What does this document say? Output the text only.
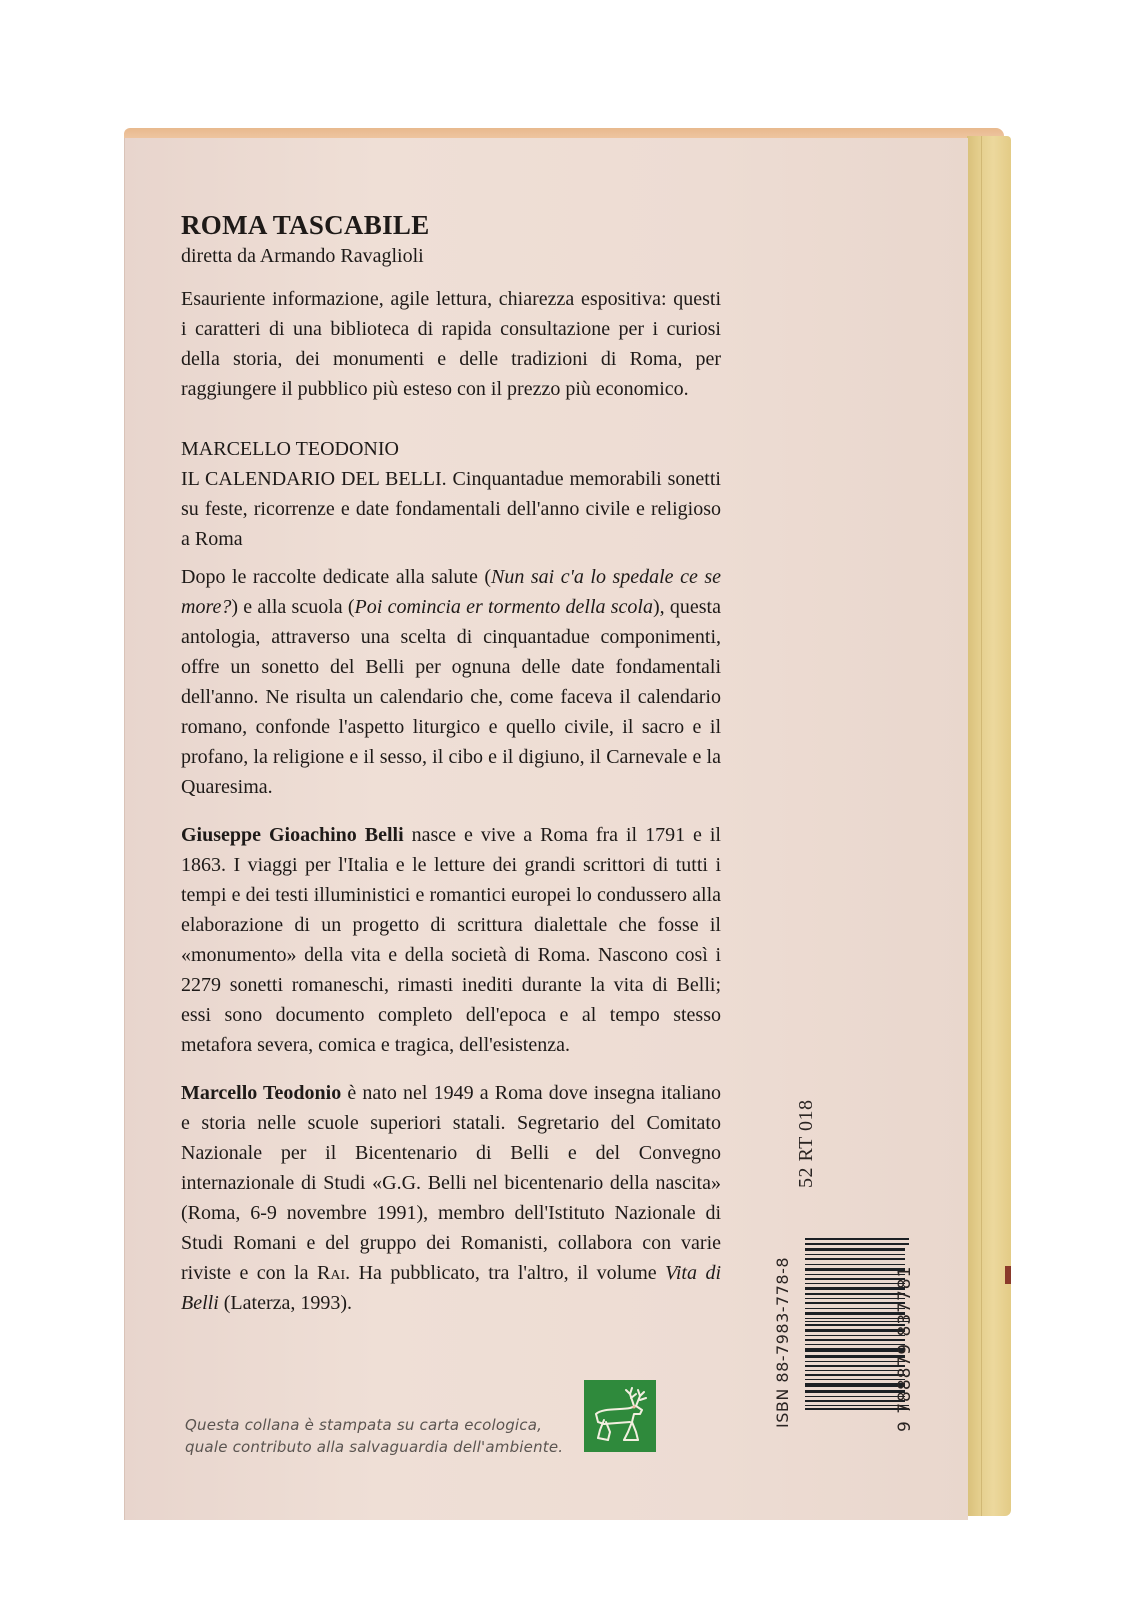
ROMA TASCABILE
diretta da Armando Ravaglioli

Esauriente informazione, agile lettura, chiarezza espositiva: questi i caratteri di una biblioteca di rapida consultazione per i curiosi della storia, dei monumenti e delle tradizioni di Roma, per raggiungere il pubblico più esteso con il prezzo più economico.

MARCELLO TEODONIO

IL CALENDARIO DEL BELLI. Cinquantadue memorabili sonetti su feste, ricorrenze e date fondamentali dell'anno civile e religioso a Roma

Dopo le raccolte dedicate alla salute (Nun sai c'a lo spedale ce se more?) e alla scuola (Poi comincia er tormento della scola), questa antologia, attraverso una scelta di cinquantadue componimenti, offre un sonetto del Belli per ognuna delle date fondamentali dell'anno. Ne risulta un calendario che, come faceva il calendario romano, confonde l'aspetto liturgico e quello civile, il sacro e il profano, la religione e il sesso, il cibo e il digiuno, il Carnevale e la Quaresima.

Giuseppe Gioachino Belli nasce e vive a Roma fra il 1791 e il 1863. I viaggi per l'Italia e le letture dei grandi scrittori di tutti i tempi e dei testi illuministici e romantici europei lo condussero alla elaborazione di un progetto di scrittura dialettale che fosse il «monumento» della vita e della società di Roma. Nascono così i 2279 sonetti romaneschi, rimasti inediti durante la vita di Belli; essi sono documento completo dell'epoca e al tempo stesso metafora severa, comica e tragica, dell'esistenza.

Marcello Teodonio è nato nel 1949 a Roma dove insegna italiano e storia nelle scuole superiori statali. Segretario del Comitato Nazionale per il Bicentenario di Belli e del Convegno internazionale di Studi «G.G. Belli nel bicentenario della nascita» (Roma, 6-9 novembre 1991), membro dell'Istituto Nazionale di Studi Romani e del gruppo dei Romanisti, collabora con varie riviste e con la Rai. Ha pubblicato, tra l'altro, il volume Vita di Belli (Laterza, 1993).

Questa collana è stampata su carta ecologica,
quale contributo alla salvaguardia dell'ambiente.
52 RT 018
ISBN 88-7983-778-8	9 788879 837781
